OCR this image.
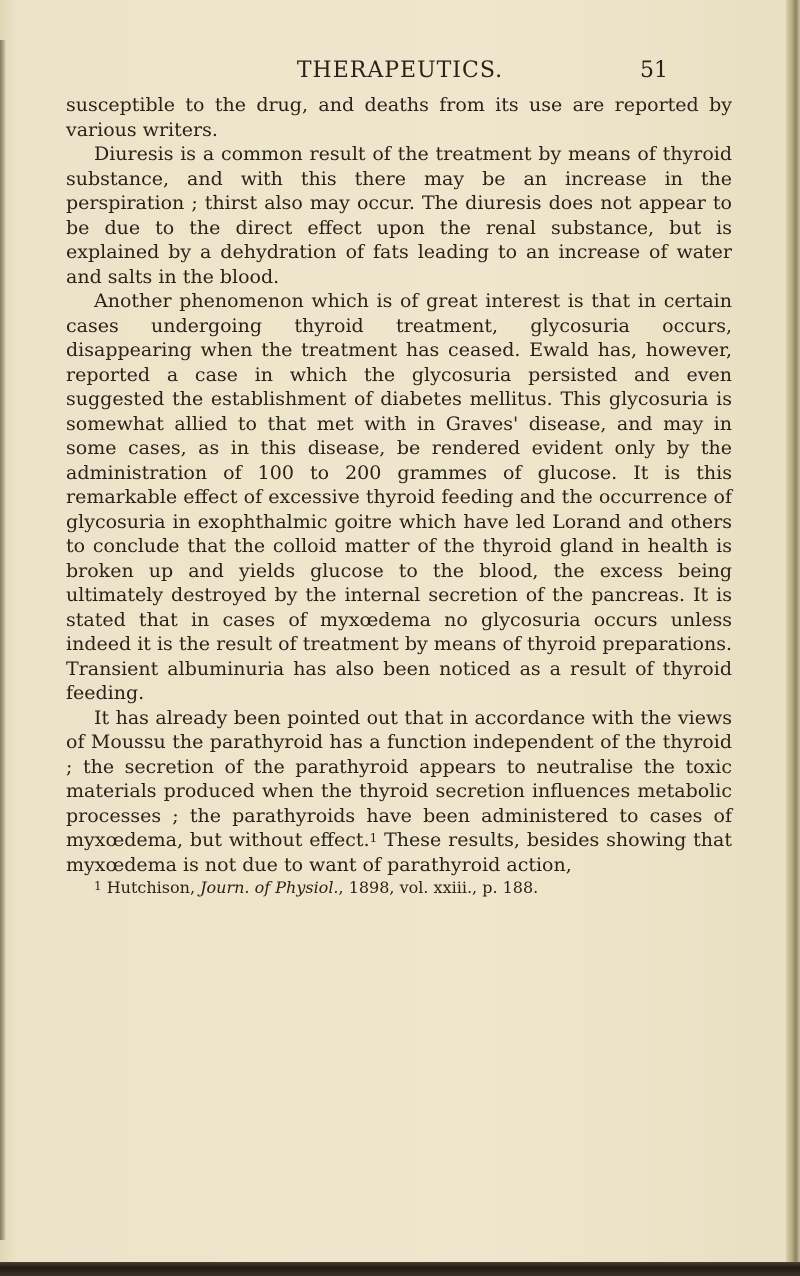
THERAPEUTICS.	51

susceptible to the drug, and deaths from its use are reported by various writers.

Diuresis is a common result of the treatment by means of thyroid substance, and with this there may be an increase in the perspiration ; thirst also may occur. The diuresis does not appear to be due to the direct effect upon the renal substance, but is explained by a dehydration of fats leading to an increase of water and salts in the blood.

Another phenomenon which is of great interest is that in certain cases undergoing thyroid treatment, glycosuria occurs, disappearing when the treatment has ceased. Ewald has, however, reported a case in which the glycosuria persisted and even suggested the establishment of diabetes mellitus. This glycosuria is somewhat allied to that met with in Graves' disease, and may in some cases, as in this disease, be rendered evident only by the administration of 100 to 200 grammes of glucose. It is this remarkable effect of excessive thyroid feeding and the occurrence of glycosuria in exophthalmic goitre which have led Lorand and others to conclude that the colloid matter of the thyroid gland in health is broken up and yields glucose to the blood, the excess being ultimately destroyed by the internal secretion of the pancreas. It is stated that in cases of myxœdema no glycosuria occurs unless indeed it is the result of treatment by means of thyroid preparations. Transient albuminuria has also been noticed as a result of thyroid feeding.

It has already been pointed out that in accordance with the views of Moussu the parathyroid has a function independent of the thyroid ; the secretion of the parathyroid appears to neutralise the toxic materials produced when the thyroid secretion influences metabolic processes ; the parathyroids have been administered to cases of myxœdema, but without effect.$^1$ These results, besides showing that myxœdema is not due to want of parathyroid action,

$^1$ Hutchison, Journ. of Physiol., 1898, vol. xxiii., p. 188.
